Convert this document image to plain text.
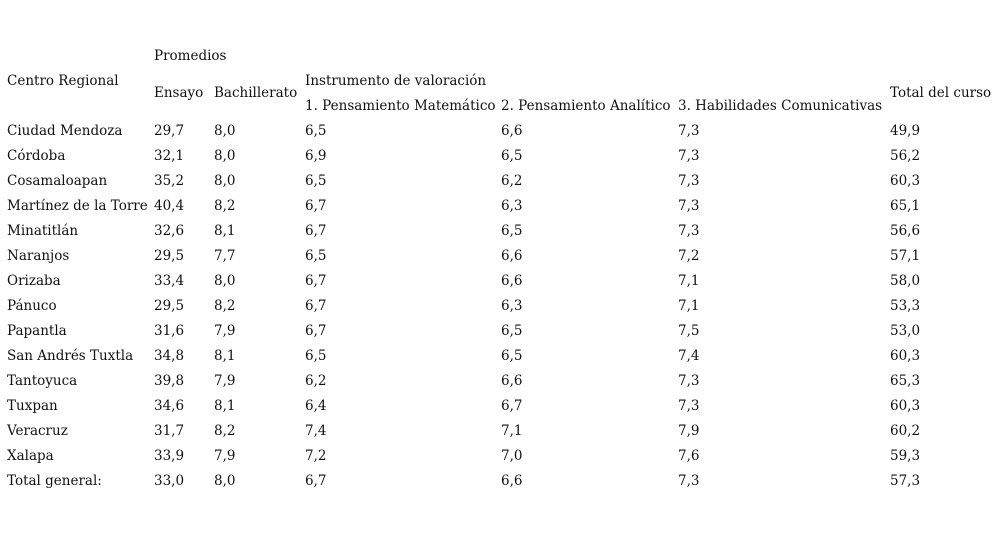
Promedios
Centro Regional	Instrumento de valoración
Ensayo Bachillerato	Total del curso
1. Pensamiento Matemático 2. Pensamiento Analítico 3. Habilidades Comunicativas
Ciudad Mendoza 29,7 8,0	6,5	6,6	7,3	49,9
Córdoba	32,1 8,0	6,9	6,5	7,3	56,2
Cosamaloapan	35,2 8,0	6,5	6,2	7,3	60,3
Martínez de la Torre 40,4 8,2	6,7	6,3	7,3	65,1
Minatitlán	32,6 8,1	6,7	6,5	7,3	56,6
Naranjos	29,5 7,7	6,5	6,6	7,2	57,1
Orizaba	33,4 8,0	6,7	6,6	7,1	58,0
Pánuco	29,5 8,2	6,7	6,3	7,1	53,3
Papantla	31,6 7,9	6,7	6,5	7,5	53,0
San Andrés Tuxtla 34,8 8,1	6,5	6,5	7,4	60,3
Tantoyuca	39,8 7,9	6,2	6,6	7,3	65,3
Tuxpan	34,6 8,1	6,4	6,7	7,3	60,3
Veracruz	31,7 8,2	7,4	7,1	7,9	60,2
Xalapa	33,9 7,9	7,2	7,0	7,6	59,3
Total general:	33,0 8,0	6,7	6,6	7,3	57,3
